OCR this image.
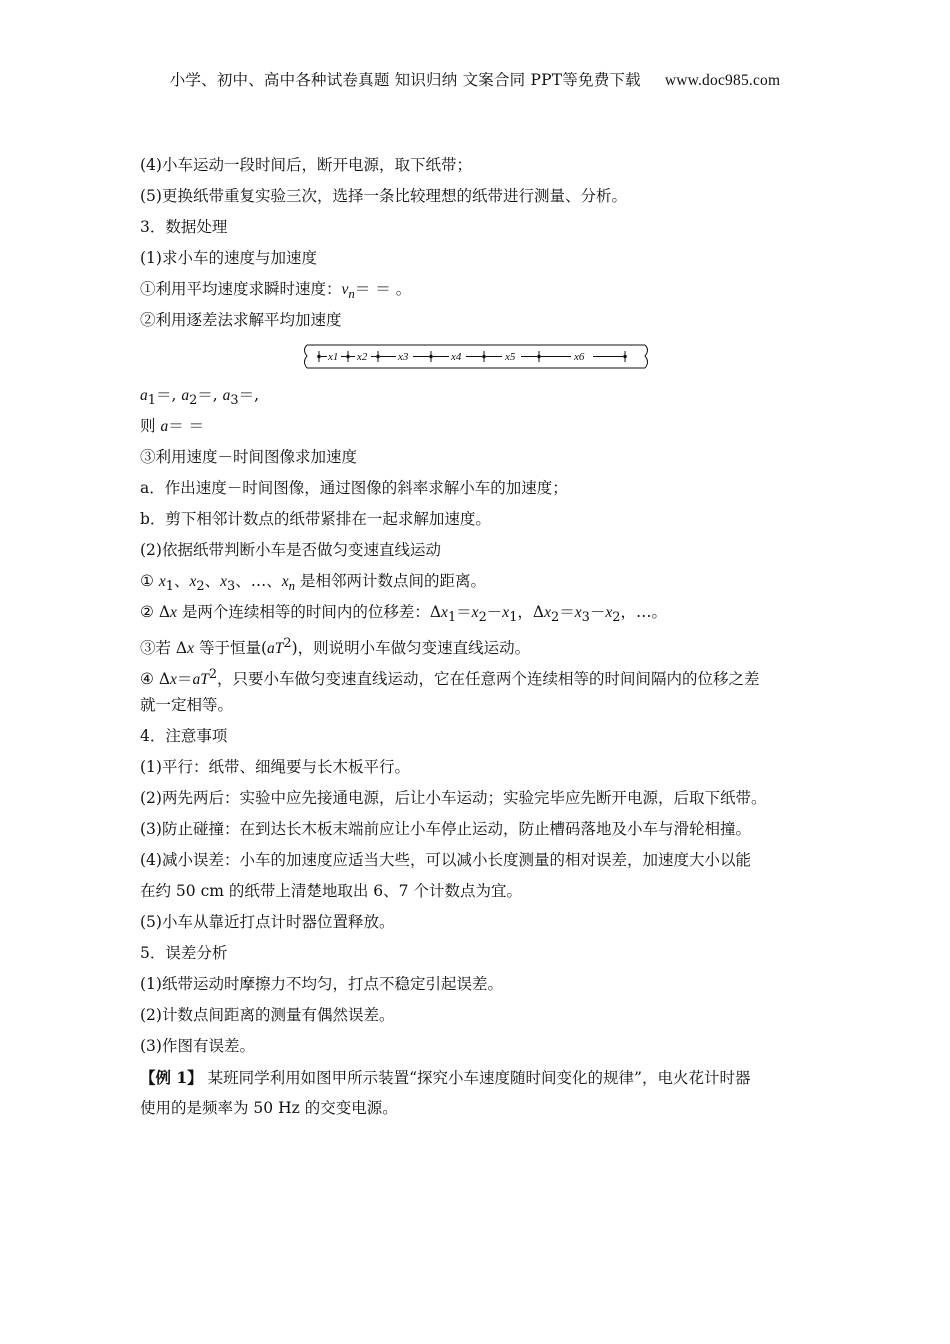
小学、初中、高中各种试卷真题 知识归纳 文案合同 PPT等免费下载 www.doc985.com
(4)小车运动一段时间后，断开电源，取下纸带；
(5)更换纸带重复实验三次，选择一条比较理想的纸带进行测量、分析。
3．数据处理
(1)求小车的速度与加速度
①利用平均速度求瞬时速度：$v_n=$ ＝ 。
②利用逐差法求解平均加速度
x1 x2	x3	x4	x5	x6
$a_1=$, $a_2=$, $a_3=$,
则 a＝ ＝
③利用速度－时间图像求加速度
a．作出速度－时间图像，通过图像的斜率求解小车的加速度；
b．剪下相邻计数点的纸带紧排在一起求解加速度。
(2)依据纸带判断小车是否做匀变速直线运动
① $x_1$、$x_2$、$x_3$、…、$x_n$ 是相邻两计数点间的距离。
② Δx 是两个连续相等的时间内的位移差：$\Delta x_1=x_2-x_1$，$\Delta x_2=x_3-x_2$，…。
③若 Δx 等于恒量$(aT^2)$，则说明小车做匀变速直线运动。
④ $\Delta x=aT^2$，只要小车做匀变速直线运动，它在任意两个连续相等的时间间隔内的位移之差
就一定相等。
4．注意事项
(1)平行：纸带、细绳要与长木板平行。
(2)两先两后：实验中应先接通电源，后让小车运动；实验完毕应先断开电源，后取下纸带。
(3)防止碰撞：在到达长木板末端前应让小车停止运动，防止槽码落地及小车与滑轮相撞。
(4)减小误差：小车的加速度应适当大些，可以减小长度测量的相对误差，加速度大小以能
在约 50 cm 的纸带上清楚地取出 6、7 个计数点为宜。
(5)小车从靠近打点计时器位置释放。
5．误差分析
(1)纸带运动时摩擦力不均匀，打点不稳定引起误差。
(2)计数点间距离的测量有偶然误差。
(3)作图有误差。
【例 1】 某班同学利用如图甲所示装置“探究小车速度随时间变化的规律”，电火花计时器
使用的是频率为 50 Hz 的交变电源。
